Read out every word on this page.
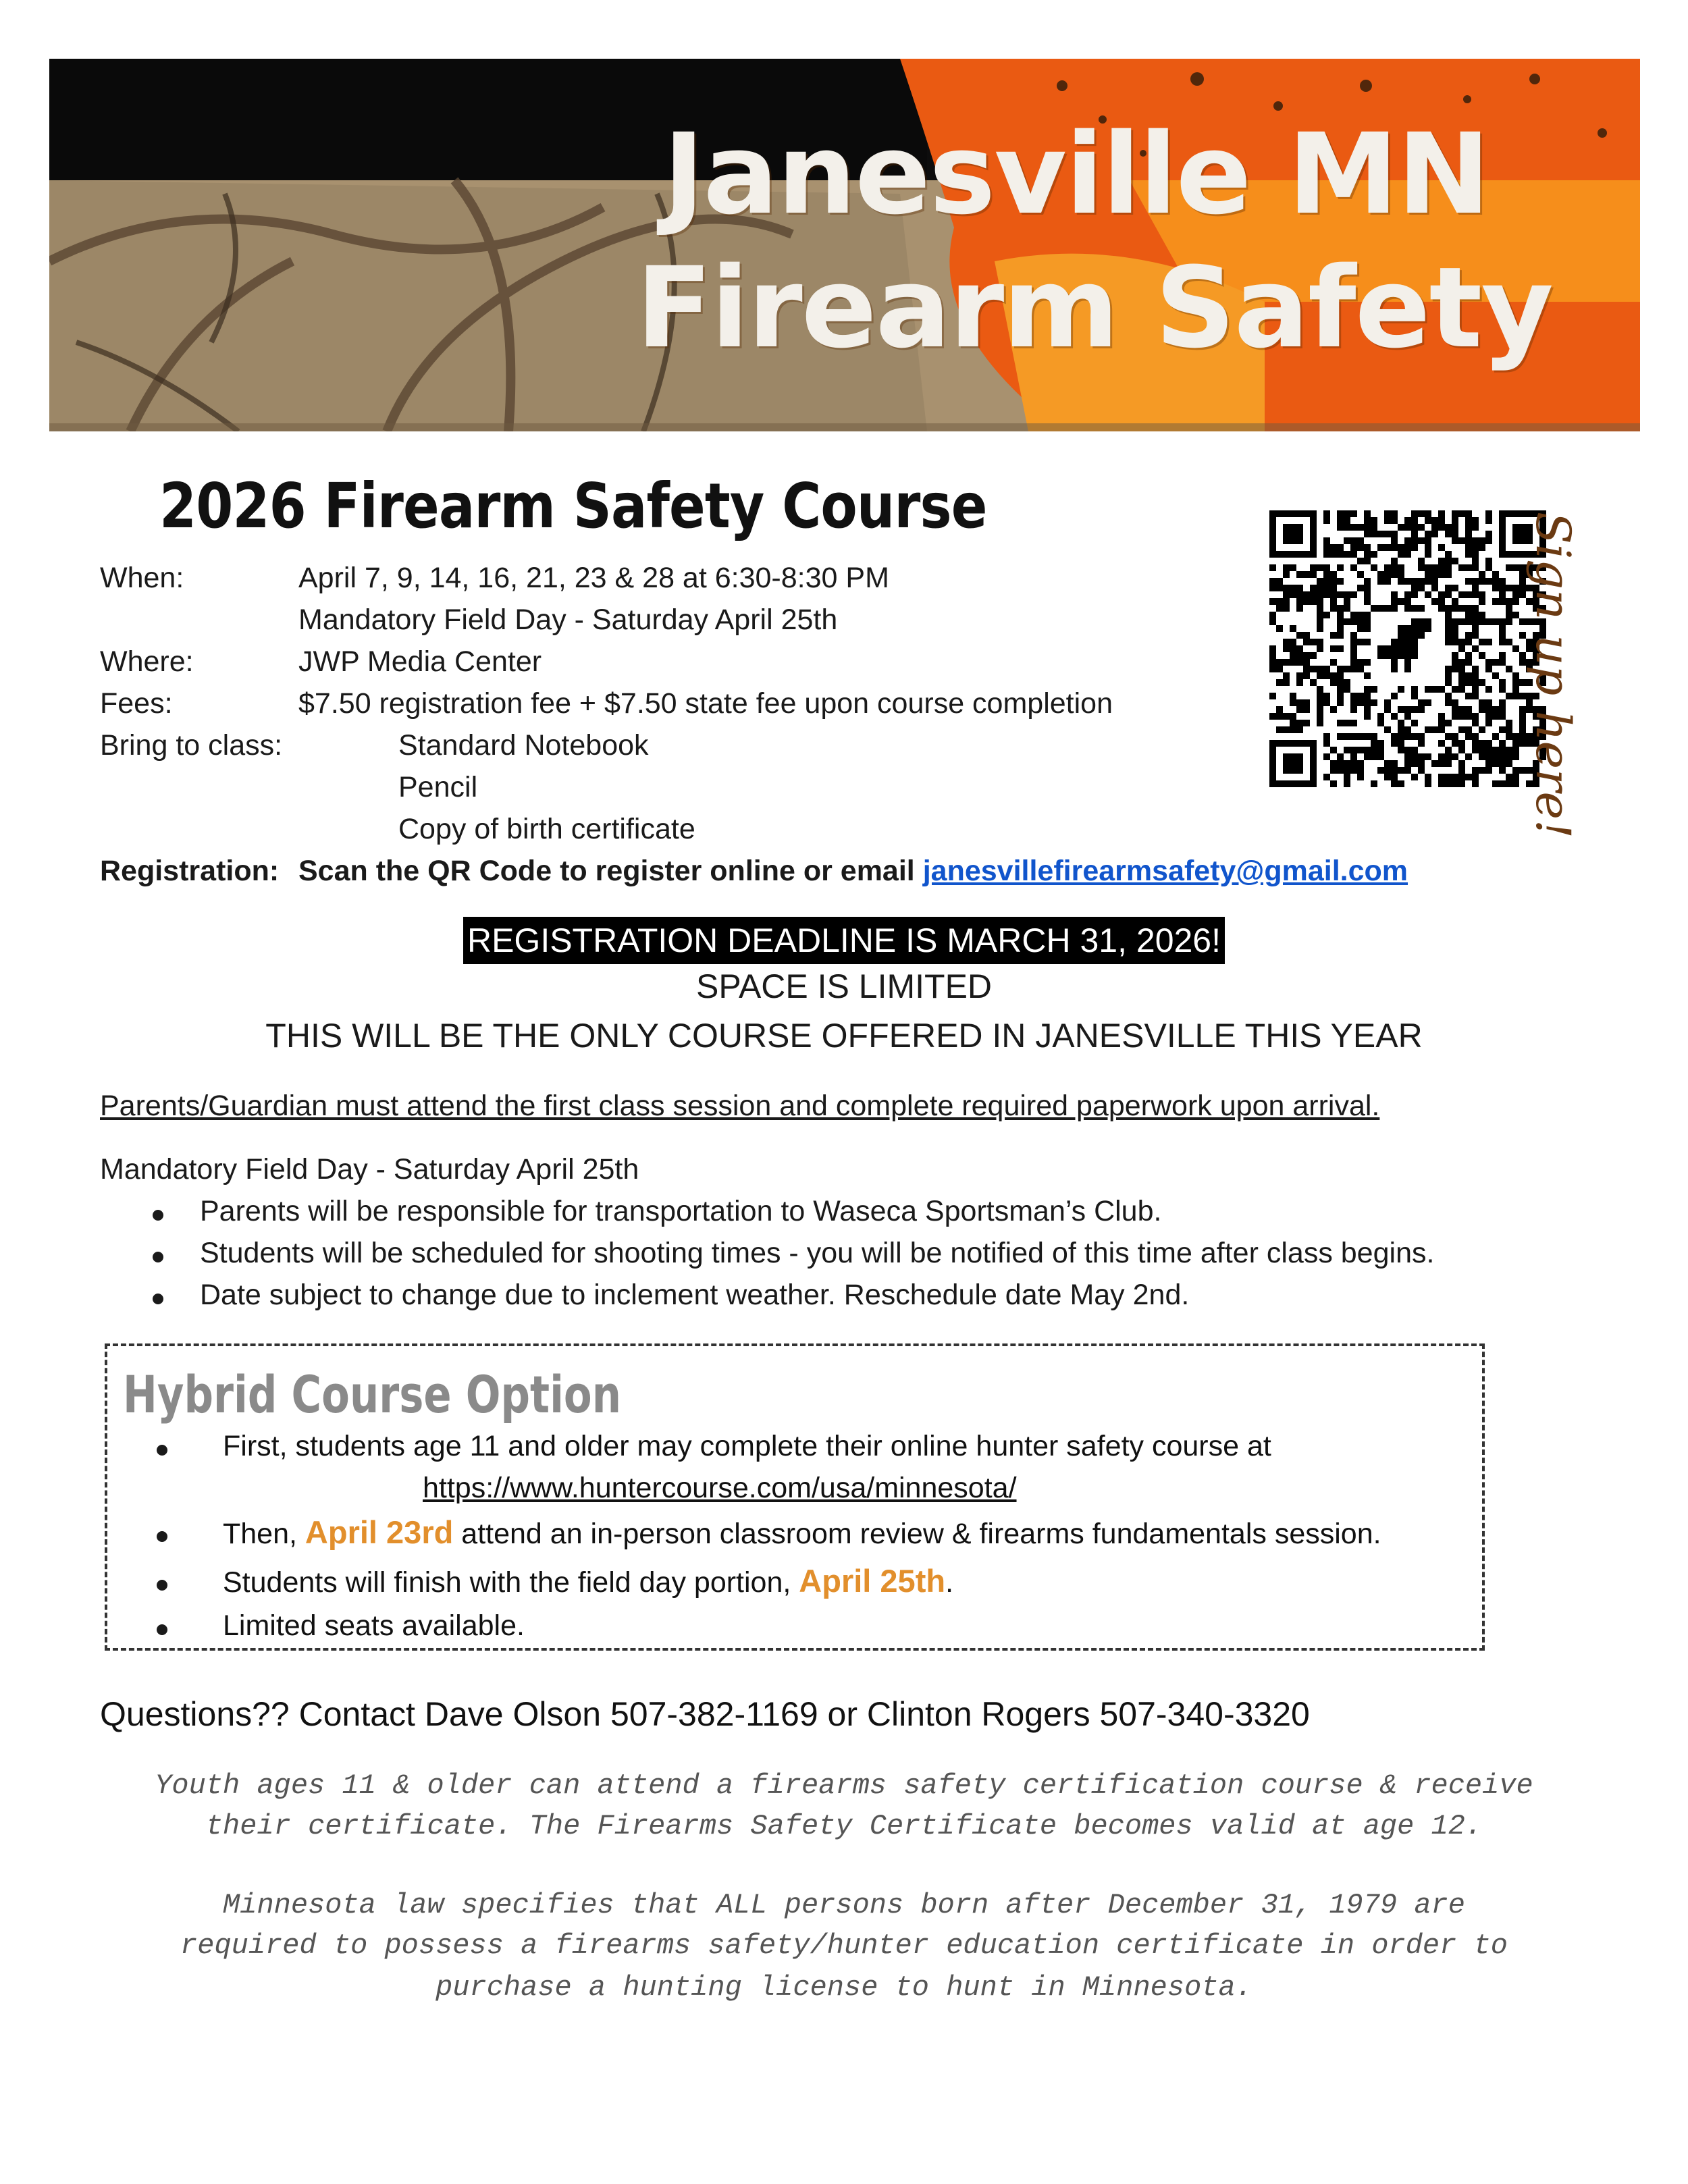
Janesville MN
Firearm Safety
2026 Firearm Safety Course
When:	April 7, 9, 14, 16, 21, 23 & 28 at 6:30-8:30 PM
Mandatory Field Day - Saturday April 25th
Where:	JWP Media Center
Fees:	$7.50 registration fee + $7.50 state fee upon course completion
Bring to class:	Standard Notebook
Pencil
Copy of birth certificate
Registration: Scan the QR Code to register online or email janesvillefirearmsafety@gmail.com
Sign up here!
REGISTRATION DEADLINE IS MARCH 31, 2026!
SPACE IS LIMITED
THIS WILL BE THE ONLY COURSE OFFERED IN JANESVILLE THIS YEAR
Parents/Guardian must attend the first class session and complete required paperwork upon arrival.
Mandatory Field Day - Saturday April 25th
Parents will be responsible for transportation to Waseca Sportsman’s Club.
Students will be scheduled for shooting times - you will be notified of this time after class begins.
Date subject to change due to inclement weather. Reschedule date May 2nd.
Hybrid Course Option
First, students age 11 and older may complete their online hunter safety course at
https://www.huntercourse.com/usa/minnesota/
Then, April 23rd attend an in-person classroom review & firearms fundamentals session.
Students will finish with the field day portion, April 25th.
Limited seats available.
Questions?? Contact Dave Olson 507-382-1169 or Clinton Rogers 507-340-3320
Youth ages 11 & older can attend a firearms safety certification course & receive
their certificate. The Firearms Safety Certificate becomes valid at age 12.
Minnesota law specifies that ALL persons born after December 31, 1979 are
required to possess a firearms safety/hunter education certificate in order to
purchase a hunting license to hunt in Minnesota.
